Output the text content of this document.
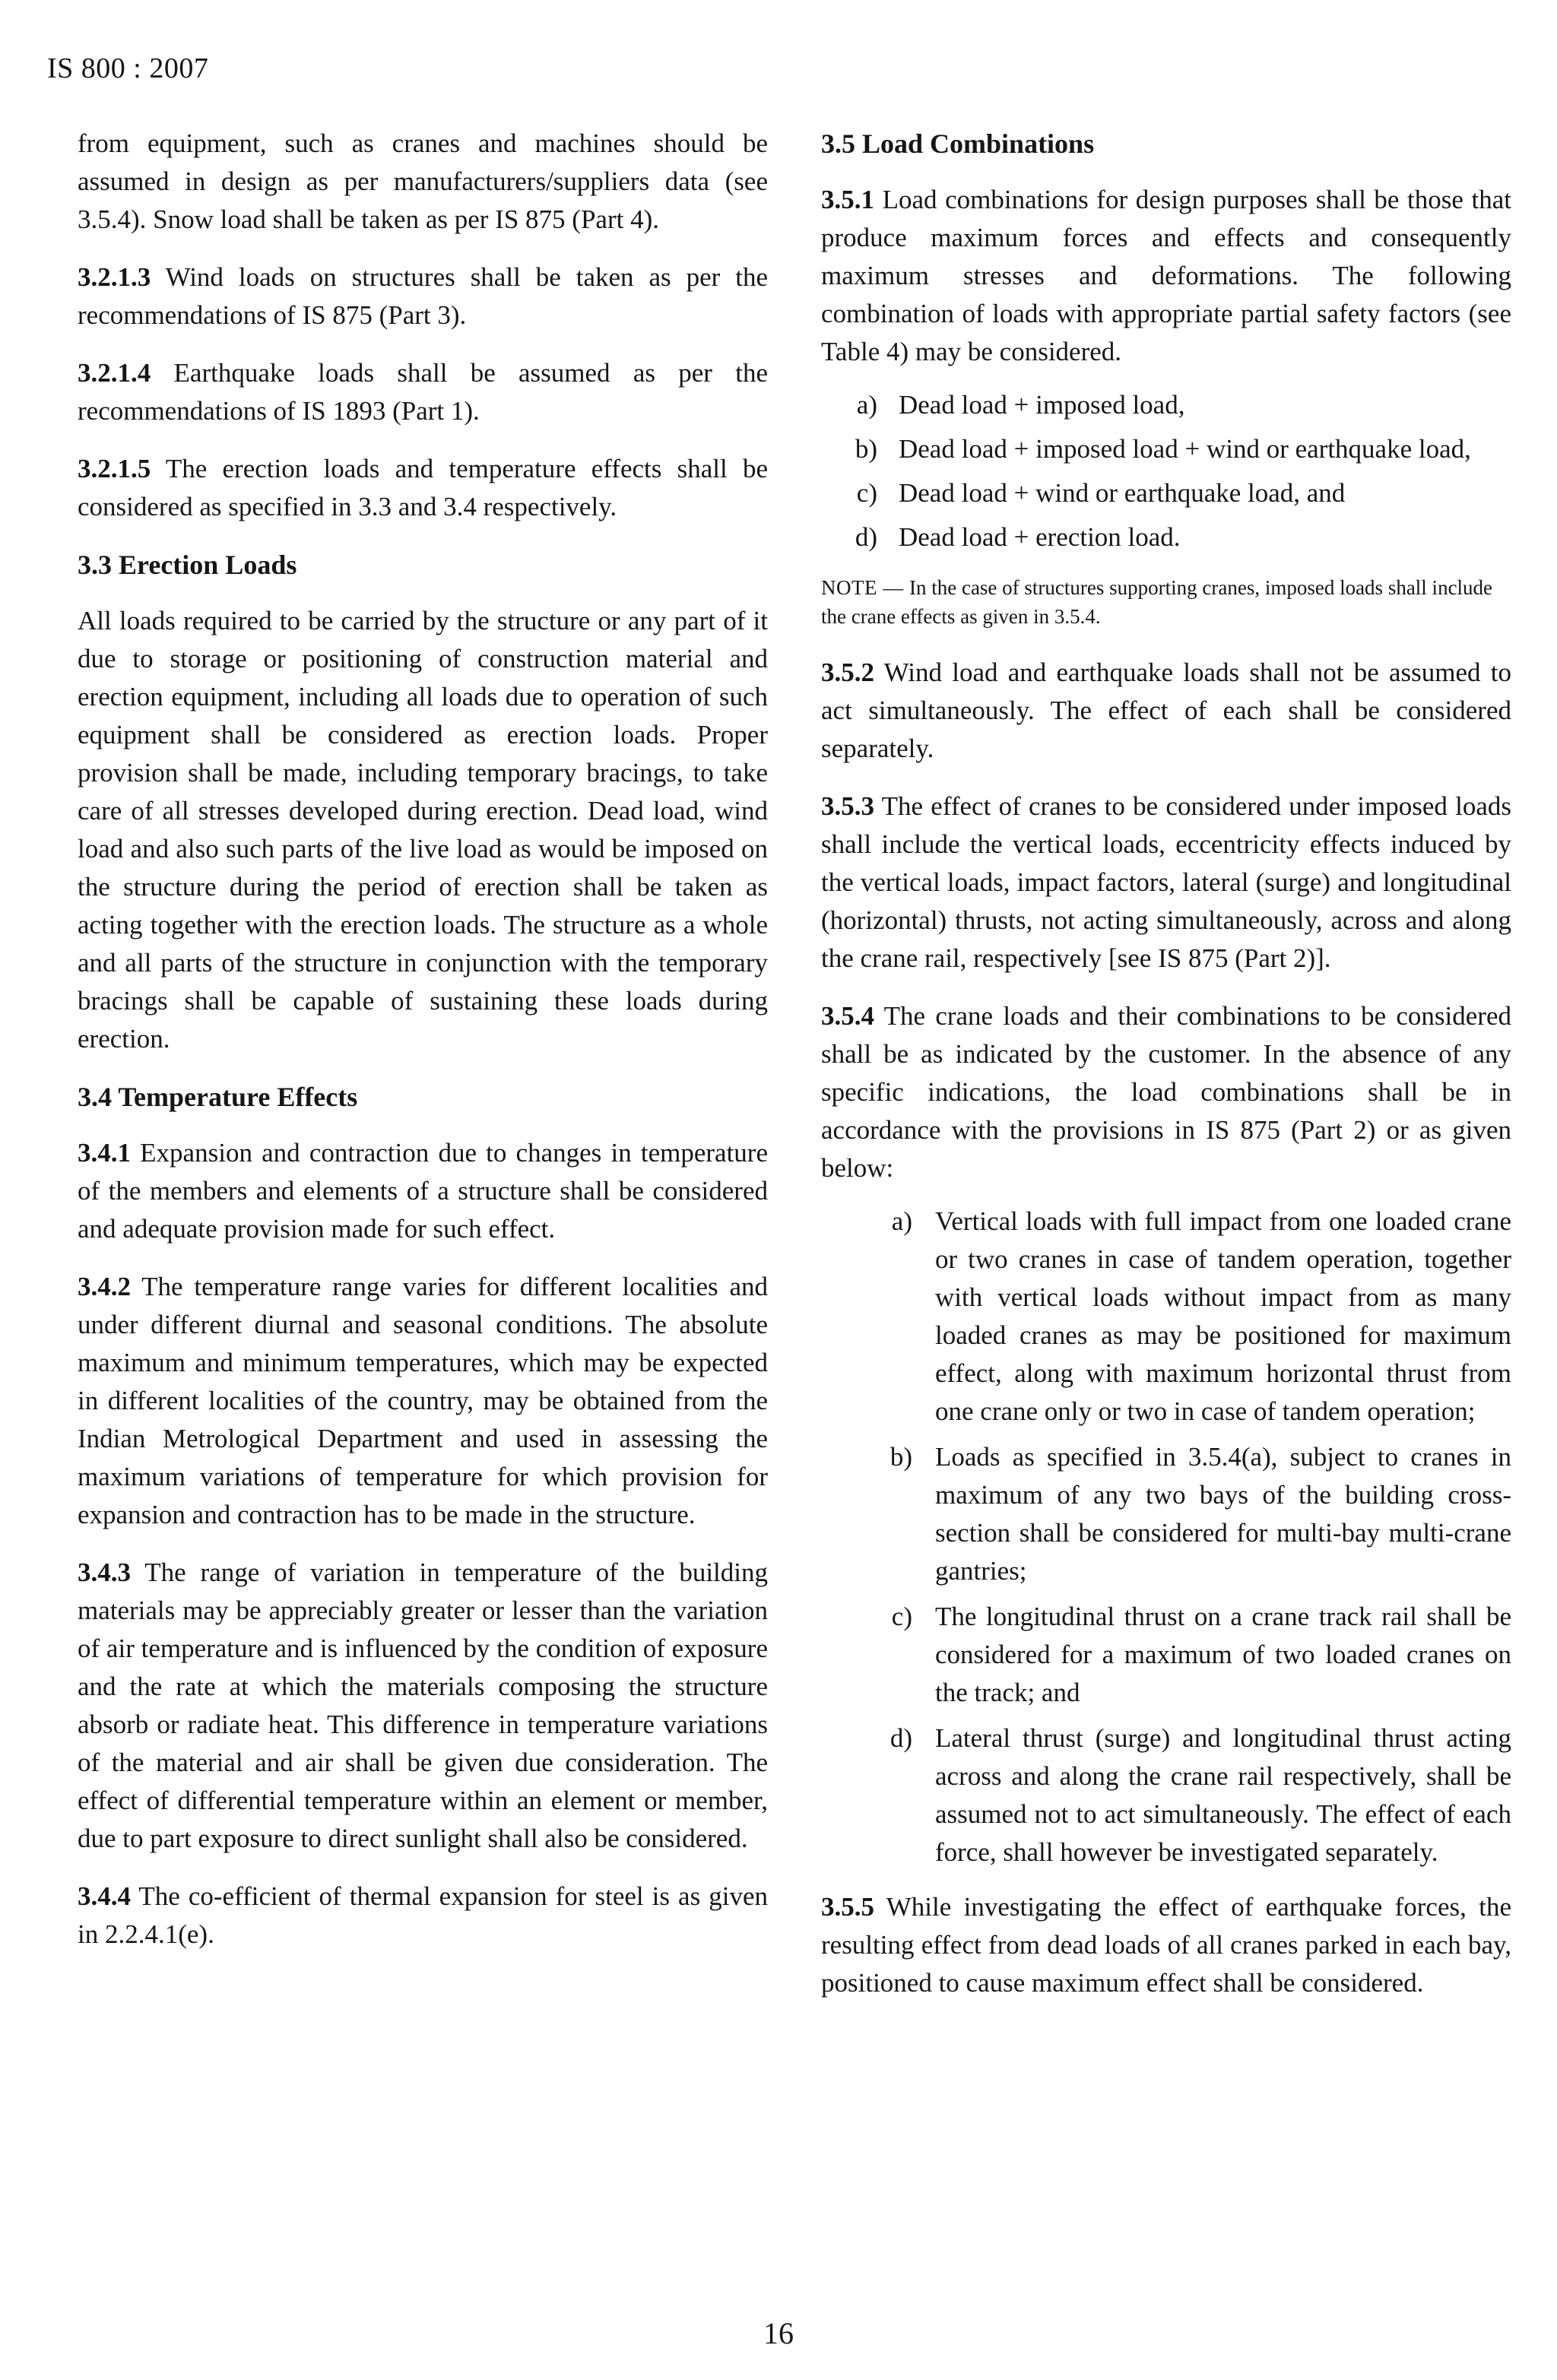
IS 800 : 2007

from equipment, such as cranes and machines should be assumed in design as per manufacturers/suppliers data (see 3.5.4). Snow load shall be taken as per IS 875 (Part 4).

3.2.1.3 Wind loads on structures shall be taken as per the recommendations of IS 875 (Part 3).

3.2.1.4 Earthquake loads shall be assumed as per the recommendations of IS 1893 (Part 1).

3.2.1.5 The erection loads and temperature effects shall be considered as specified in 3.3 and 3.4 respectively.

3.3 Erection Loads

All loads required to be carried by the structure or any part of it due to storage or positioning of construction material and erection equipment, including all loads due to operation of such equipment shall be considered as erection loads. Proper provision shall be made, including temporary bracings, to take care of all stresses developed during erection. Dead load, wind load and also such parts of the live load as would be imposed on the structure during the period of erection shall be taken as acting together with the erection loads. The structure as a whole and all parts of the structure in conjunction with the temporary bracings shall be capable of sustaining these loads during erection.

3.4 Temperature Effects

3.4.1 Expansion and contraction due to changes in temperature of the members and elements of a structure shall be considered and adequate provision made for such effect.

3.4.2 The temperature range varies for different localities and under different diurnal and seasonal conditions. The absolute maximum and minimum temperatures, which may be expected in different localities of the country, may be obtained from the Indian Metrological Department and used in assessing the maximum variations of temperature for which provision for expansion and contraction has to be made in the structure.

3.4.3 The range of variation in temperature of the building materials may be appreciably greater or lesser than the variation of air temperature and is influenced by the condition of exposure and the rate at which the materials composing the structure absorb or radiate heat. This difference in temperature variations of the material and air shall be given due consideration. The effect of differential temperature within an element or member, due to part exposure to direct sunlight shall also be considered.

3.4.4 The co-efficient of thermal expansion for steel is as given in 2.2.4.1(e).

3.5 Load Combinations

3.5.1 Load combinations for design purposes shall be those that produce maximum forces and effects and consequently maximum stresses and deformations. The following combination of loads with appropriate partial safety factors (see Table 4) may be considered.

a) Dead load + imposed load,
b) Dead load + imposed load + wind or earthquake load,
c) Dead load + wind or earthquake load, and
d) Dead load + erection load.

NOTE — In the case of structures supporting cranes, imposed loads shall include the crane effects as given in 3.5.4.

3.5.2 Wind load and earthquake loads shall not be assumed to act simultaneously. The effect of each shall be considered separately.

3.5.3 The effect of cranes to be considered under imposed loads shall include the vertical loads, eccentricity effects induced by the vertical loads, impact factors, lateral (surge) and longitudinal (horizontal) thrusts, not acting simultaneously, across and along the crane rail, respectively [see IS 875 (Part 2)].

3.5.4 The crane loads and their combinations to be considered shall be as indicated by the customer. In the absence of any specific indications, the load combinations shall be in accordance with the provisions in IS 875 (Part 2) or as given below:

a) Vertical loads with full impact from one loaded crane or two cranes in case of tandem operation, together with vertical loads without impact from as many loaded cranes as may be positioned for maximum effect, along with maximum horizontal thrust from one crane only or two in case of tandem operation;
b) Loads as specified in 3.5.4(a), subject to cranes in maximum of any two bays of the building cross-section shall be considered for multi-bay multi-crane gantries;
c) The longitudinal thrust on a crane track rail shall be considered for a maximum of two loaded cranes on the track; and
d) Lateral thrust (surge) and longitudinal thrust acting across and along the crane rail respectively, shall be assumed not to act simultaneously. The effect of each force, shall however be investigated separately.

3.5.5 While investigating the effect of earthquake forces, the resulting effect from dead loads of all cranes parked in each bay, positioned to cause maximum effect shall be considered.

16
